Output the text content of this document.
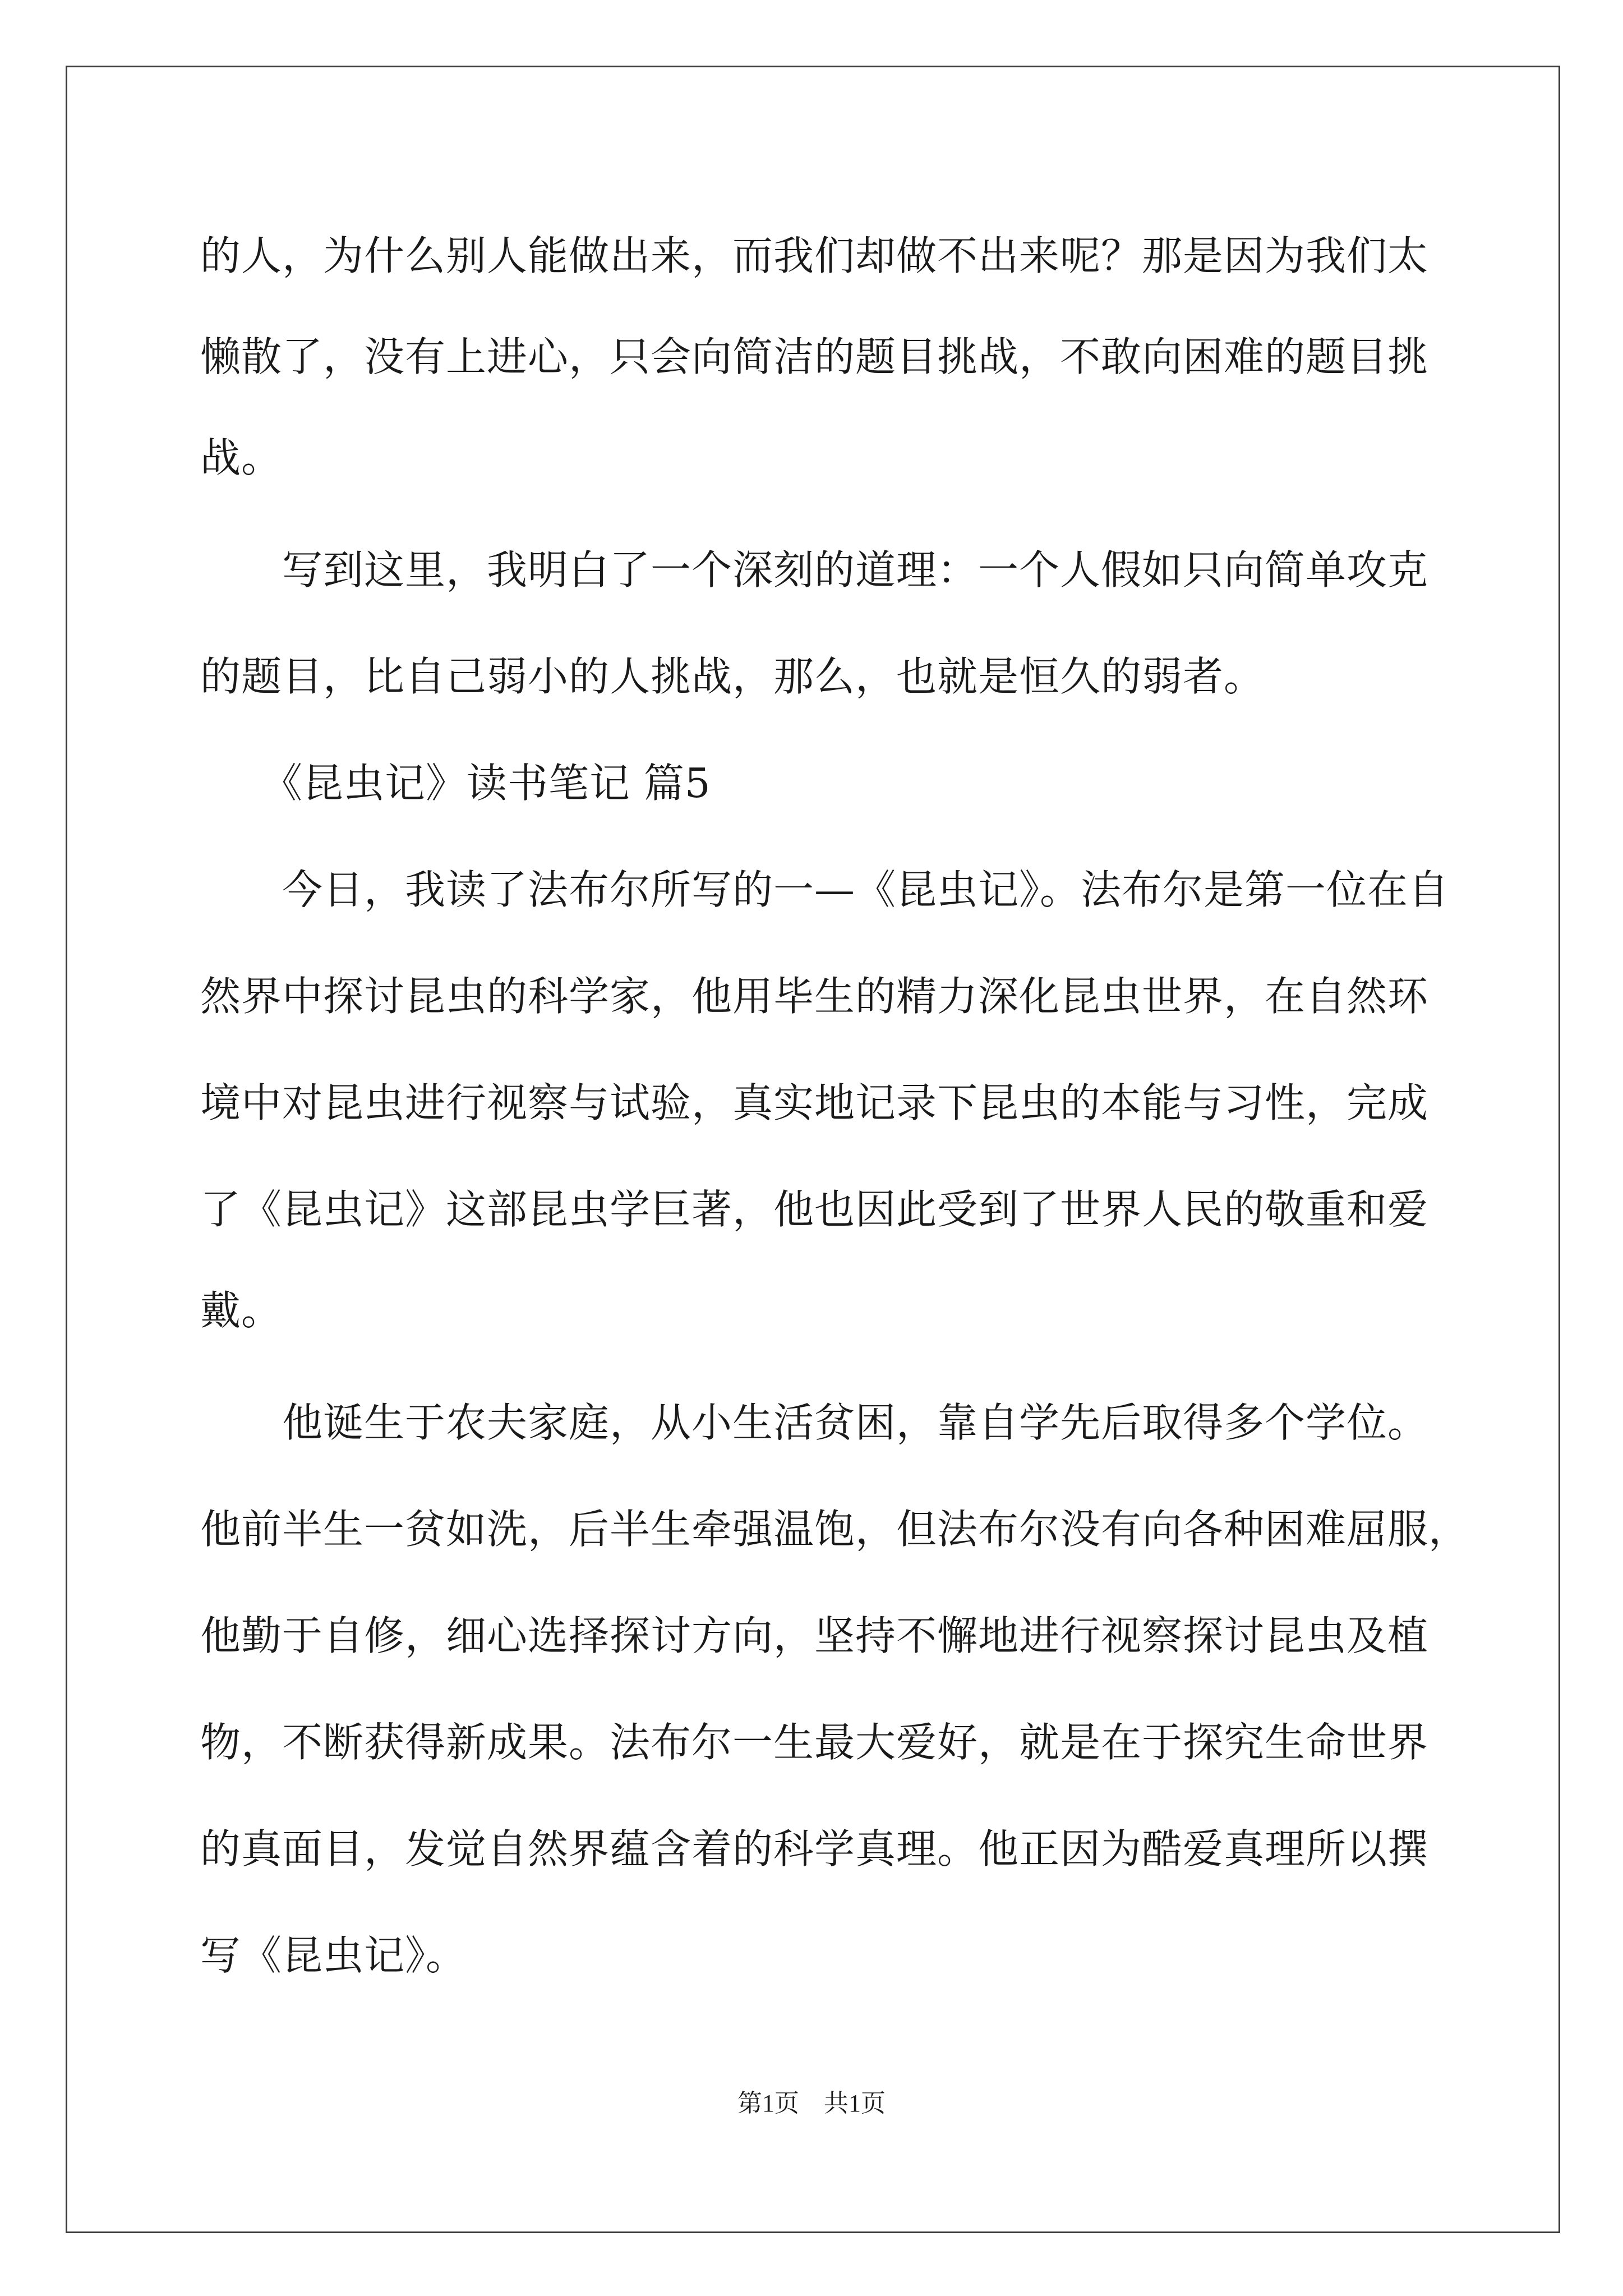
的人，为什么别人能做出来，而我们却做不出来呢？那是因为我们太
懒散了，没有上进心，只会向简洁的题目挑战，不敢向困难的题目挑
战。
　　写到这里，我明白了一个深刻的道理：一个人假如只向简单攻克
的题目，比自己弱小的人挑战，那么，也就是恒久的弱者。
　　《昆虫记》读书笔记 篇5
　　今日，我读了法布尔所写的一—《昆虫记》。法布尔是第一位在自
然界中探讨昆虫的科学家，他用毕生的精力深化昆虫世界，在自然环
境中对昆虫进行视察与试验，真实地记录下昆虫的本能与习性，完成
了《昆虫记》这部昆虫学巨著，他也因此受到了世界人民的敬重和爱
戴。
　　他诞生于农夫家庭，从小生活贫困，靠自学先后取得多个学位。
他前半生一贫如洗，后半生牵强温饱，但法布尔没有向各种困难屈服，
他勤于自修，细心选择探讨方向，坚持不懈地进行视察探讨昆虫及植
物，不断获得新成果。法布尔一生最大爱好，就是在于探究生命世界
的真面目，发觉自然界蕴含着的科学真理。他正因为酷爱真理所以撰
写《昆虫记》。
第1页　共1页
